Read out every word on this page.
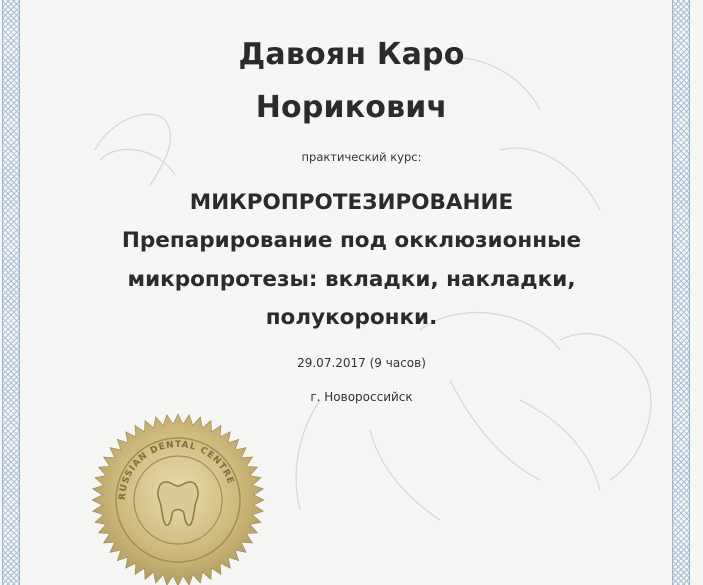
Давоян Каро
Норикович
практический курс:
МИКРОПРОТЕЗИРОВАНИЕ
Препарирование под окклюзионные
микропротезы: вкладки, накладки,
полукоронки.
29.07.2017 (9 часов)
г. Новороссийск
RUSSIAN DENTAL CENTRE
